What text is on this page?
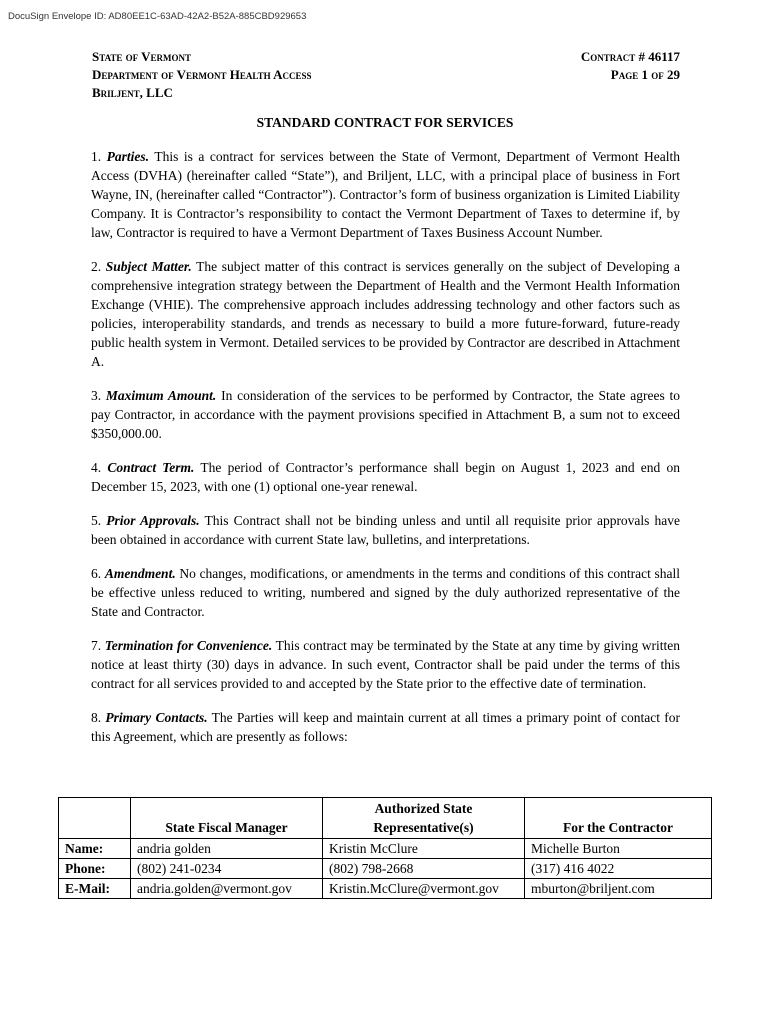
DocuSign Envelope ID: AD80EE1C-63AD-42A2-B52A-885CBD929653
State of Vermont
Department of Vermont Health Access
Briljent, LLC
Contract # 46117
Page 1 of 29
STANDARD CONTRACT FOR SERVICES

1. Parties. This is a contract for services between the State of Vermont, Department of Vermont Health Access (DVHA) (hereinafter called “State”), and Briljent, LLC, with a principal place of business in Fort Wayne, IN, (hereinafter called “Contractor”). Contractor’s form of business organization is Limited Liability Company. It is Contractor’s responsibility to contact the Vermont Department of Taxes to determine if, by law, Contractor is required to have a Vermont Department of Taxes Business Account Number.

2. Subject Matter. The subject matter of this contract is services generally on the subject of Developing a comprehensive integration strategy between the Department of Health and the Vermont Health Information Exchange (VHIE). The comprehensive approach includes addressing technology and other factors such as policies, interoperability standards, and trends as necessary to build a more future-forward, future-ready public health system in Vermont. Detailed services to be provided by Contractor are described in Attachment A.

3. Maximum Amount. In consideration of the services to be performed by Contractor, the State agrees to pay Contractor, in accordance with the payment provisions specified in Attachment B, a sum not to exceed $350,000.00.

4. Contract Term. The period of Contractor’s performance shall begin on August 1, 2023 and end on December 15, 2023, with one (1) optional one-year renewal.

5. Prior Approvals. This Contract shall not be binding unless and until all requisite prior approvals have been obtained in accordance with current State law, bulletins, and interpretations.

6. Amendment. No changes, modifications, or amendments in the terms and conditions of this contract shall be effective unless reduced to writing, numbered and signed by the duly authorized representative of the State and Contractor.

7. Termination for Convenience. This contract may be terminated by the State at any time by giving written notice at least thirty (30) days in advance. In such event, Contractor shall be paid under the terms of this contract for all services provided to and accepted by the State prior to the effective date of termination.

8. Primary Contacts. The Parties will keep and maintain current at all times a primary point of contact for this Agreement, which are presently as follows:

	State Fiscal Manager	Authorized State Representative(s)	For the Contractor
Name:	andria golden	Kristin McClure	Michelle Burton
Phone:	(802) 241-0234	(802) 798-2668	(317) 416 4022
E-Mail:	andria.golden@vermont.gov	Kristin.McClure@vermont.gov	mburton@briljent.com
